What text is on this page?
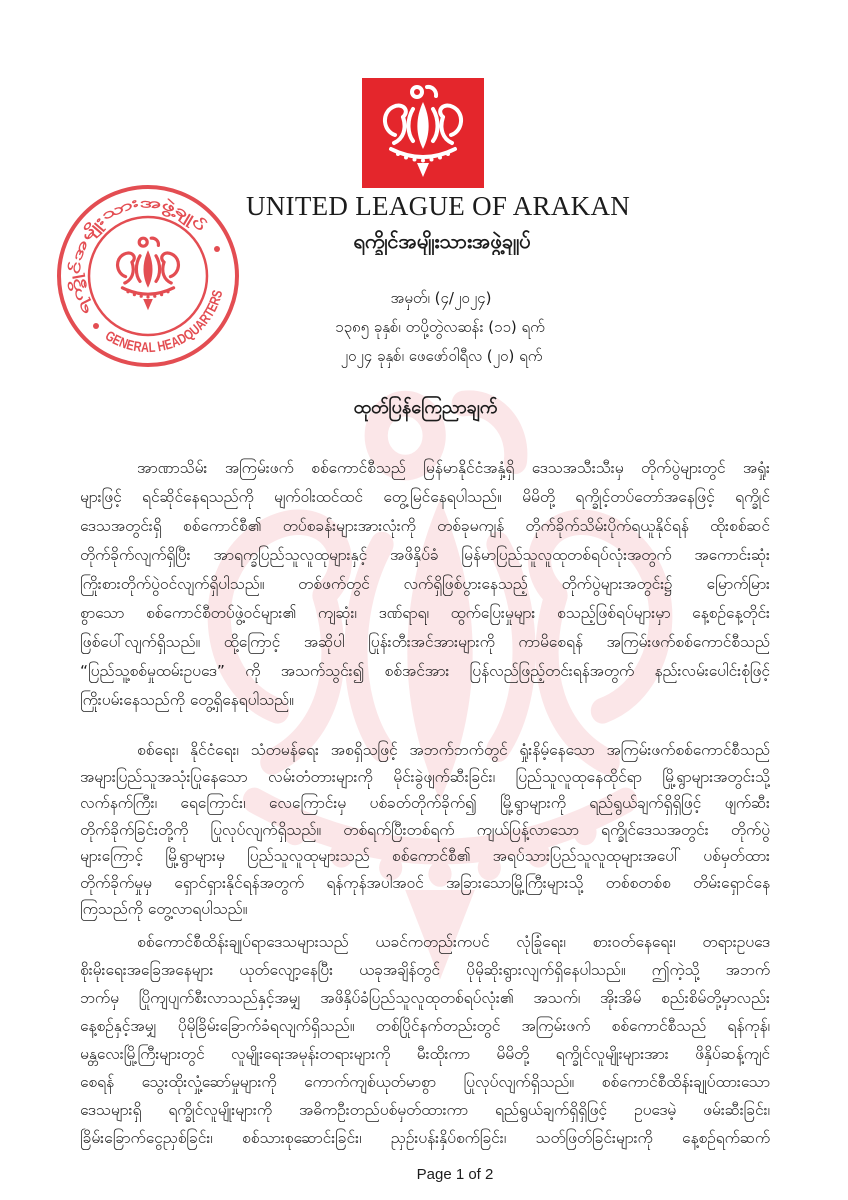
UNITED LEAGUE OF ARAKAN
ရက္ခိုင်အမျိုးသားအဖွဲ့ချုပ်
ရက္ခိုင်အမျိုးသားအဖွဲ့ချုပ်
GENERAL HEADQUARTERS	အမှတ်၊ (၄/၂၀၂၄)
၁၃၈၅ ခုနှစ်၊ တပို့တွဲလဆန်း (၁၁) ရက်
၂၀၂၄ ခုနှစ်၊ ဖေဖော်ဝါရီလ (၂၀) ရက်
ထုတ်ပြန်ကြေညာချက်
အာဏာသိမ်း အကြမ်းဖက် စစ်ကောင်စီသည် မြန်မာနိုင်ငံအနှံ့ရှိ ဒေသအသီးသီးမှ တိုက်ပွဲများတွင် အရှုံး
များဖြင့် ရင်ဆိုင်နေရသည်ကို မျက်ဝါးထင်ထင် တွေ့မြင်နေရပါသည်။ မိမိတို့ ရက္ခိုင့်တပ်တော်အနေဖြင့် ရက္ခိုင်
ဒေသအတွင်းရှိ စစ်ကောင်စီ၏ တပ်စခန်းများအားလုံးကို တစ်ခုမကျန် တိုက်ခိုက်သိမ်းပိုက်ရယူနိုင်ရန် ထိုးစစ်ဆင်
တိုက်ခိုက်လျက်ရှိပြီး အာရက္ခပြည်သူလူထုများနှင့် အဖိနှိပ်ခံ မြန်မာပြည်သူလူထုတစ်ရပ်လုံးအတွက် အကောင်းဆုံး
ကြိုးစားတိုက်ပွဲဝင်လျက်ရှိပါသည်။ တစ်ဖက်တွင် လက်ရှိဖြစ်ပွားနေသည့် တိုက်ပွဲများအတွင်း၌ မြောက်မြား
စွာသော စစ်ကောင်စီတပ်ဖွဲ့ဝင်များ၏ ကျဆုံး၊ ဒဏ်ရာရ၊ ထွက်ပြေးမှုများ စသည့်ဖြစ်ရပ်များမှာ နေ့စဉ်နေ့တိုင်း
ဖြစ်ပေါ်လျက်ရှိသည်။ ထို့ကြောင့် အဆိုပါ ပြုန်းတီးအင်အားများကို ကာမိစေရန် အကြမ်းဖက်စစ်ကောင်စီသည်
“ပြည်သူ့စစ်မှုထမ်းဥပဒေ” ကို အသက်သွင်း၍ စစ်အင်အား ပြန်လည်ဖြည့်တင်းရန်အတွက် နည်းလမ်းပေါင်းစုံဖြင့်
ကြိုးပမ်းနေသည်ကို တွေ့ရှိနေရပါသည်။
စစ်ရေး၊ နိုင်ငံရေး၊ သံတမန်ရေး အစရှိသဖြင့် အဘက်ဘက်တွင် ရှုံးနိမ့်နေသော အကြမ်းဖက်စစ်ကောင်စီသည်
အများပြည်သူအသုံးပြုနေသော လမ်းတံတားများကို မိုင်းခွဲဖျက်ဆီးခြင်း၊ ပြည်သူလူထုနေထိုင်ရာ မြို့ရွာများအတွင်းသို့
လက်နက်ကြီး၊ ရေကြောင်း၊ လေကြောင်းမှ ပစ်ခတ်တိုက်ခိုက်၍ မြို့ရွာများကို ရည်ရွယ်ချက်ရှိရှိဖြင့် ဖျက်ဆီး
တိုက်ခိုက်ခြင်းတို့ကို ပြုလုပ်လျက်ရှိသည်။ တစ်ရက်ပြီးတစ်ရက် ကျယ်ပြန့်လာသော ရက္ခိုင်ဒေသအတွင်း တိုက်ပွဲ
များကြောင့် မြို့ရွာများမှ ပြည်သူလူထုများသည် စစ်ကောင်စီ၏ အရပ်သားပြည်သူလူထုများအပေါ် ပစ်မှတ်ထား
တိုက်ခိုက်မှုမှ ရှောင်ရှားနိုင်ရန်အတွက် ရန်ကုန်အပါအဝင် အခြားသောမြို့ကြီးများသို့ တစ်စတစ်စ တိမ်းရှောင်နေ
ကြသည်ကို တွေ့လာရပါသည်။
စစ်ကောင်စီထိန်းချုပ်ရာဒေသများသည် ယခင်ကတည်းကပင် လုံခြုံရေး၊ စားဝတ်နေရေး၊ တရားဥပဒေ
စိုးမိုးရေးအခြေအနေများ ယုတ်လျော့နေပြီး ယခုအချိန်တွင် ပိုမိုဆိုးရွားလျက်ရှိနေပါသည်။ ဤကဲ့သို့ အဘက်
ဘက်မှ ပြိုကျပျက်စီးလာသည်နှင့်အမျှ အဖိနှိပ်ခံပြည်သူလူထုတစ်ရပ်လုံး၏ အသက်၊ အိုးအိမ် စည်းစိမ်တို့မှာလည်း
နေ့စဉ်နှင့်အမျှ ပိုမိုခြိမ်းခြောက်ခံရလျက်ရှိသည်။ တစ်ပြိုင်နက်တည်းတွင် အကြမ်းဖက် စစ်ကောင်စီသည် ရန်ကုန်၊
မန္တလေးမြို့ကြီးများတွင် လူမျိုးရေးအမုန်းတရားများကို မီးထိုးကာ မိမိတို့ ရက္ခိုင်လူမျိုးများအား ဖိနှိပ်ဆန့်ကျင်
စေရန် သွေးထိုးလှုံ့ဆော်မှုများကို ကောက်ကျစ်ယုတ်မာစွာ ပြုလုပ်လျက်ရှိသည်။ စစ်ကောင်စီထိန်းချုပ်ထားသော
ဒေသများရှိ ရက္ခိုင်လူမျိုးများကို အဓိကဦးတည်ပစ်မှတ်ထားကာ ရည်ရွယ်ချက်ရှိရှိဖြင့် ဥပဒေမဲ့ ဖမ်းဆီးခြင်း၊
ခြိမ်းခြောက်ငွေညှစ်ခြင်း၊ စစ်သားစုဆောင်းခြင်း၊ ညှဉ်းပန်းနှိပ်စက်ခြင်း၊ သတ်ဖြတ်ခြင်းများကို နေ့စဉ်ရက်ဆက်
Page 1 of 2
